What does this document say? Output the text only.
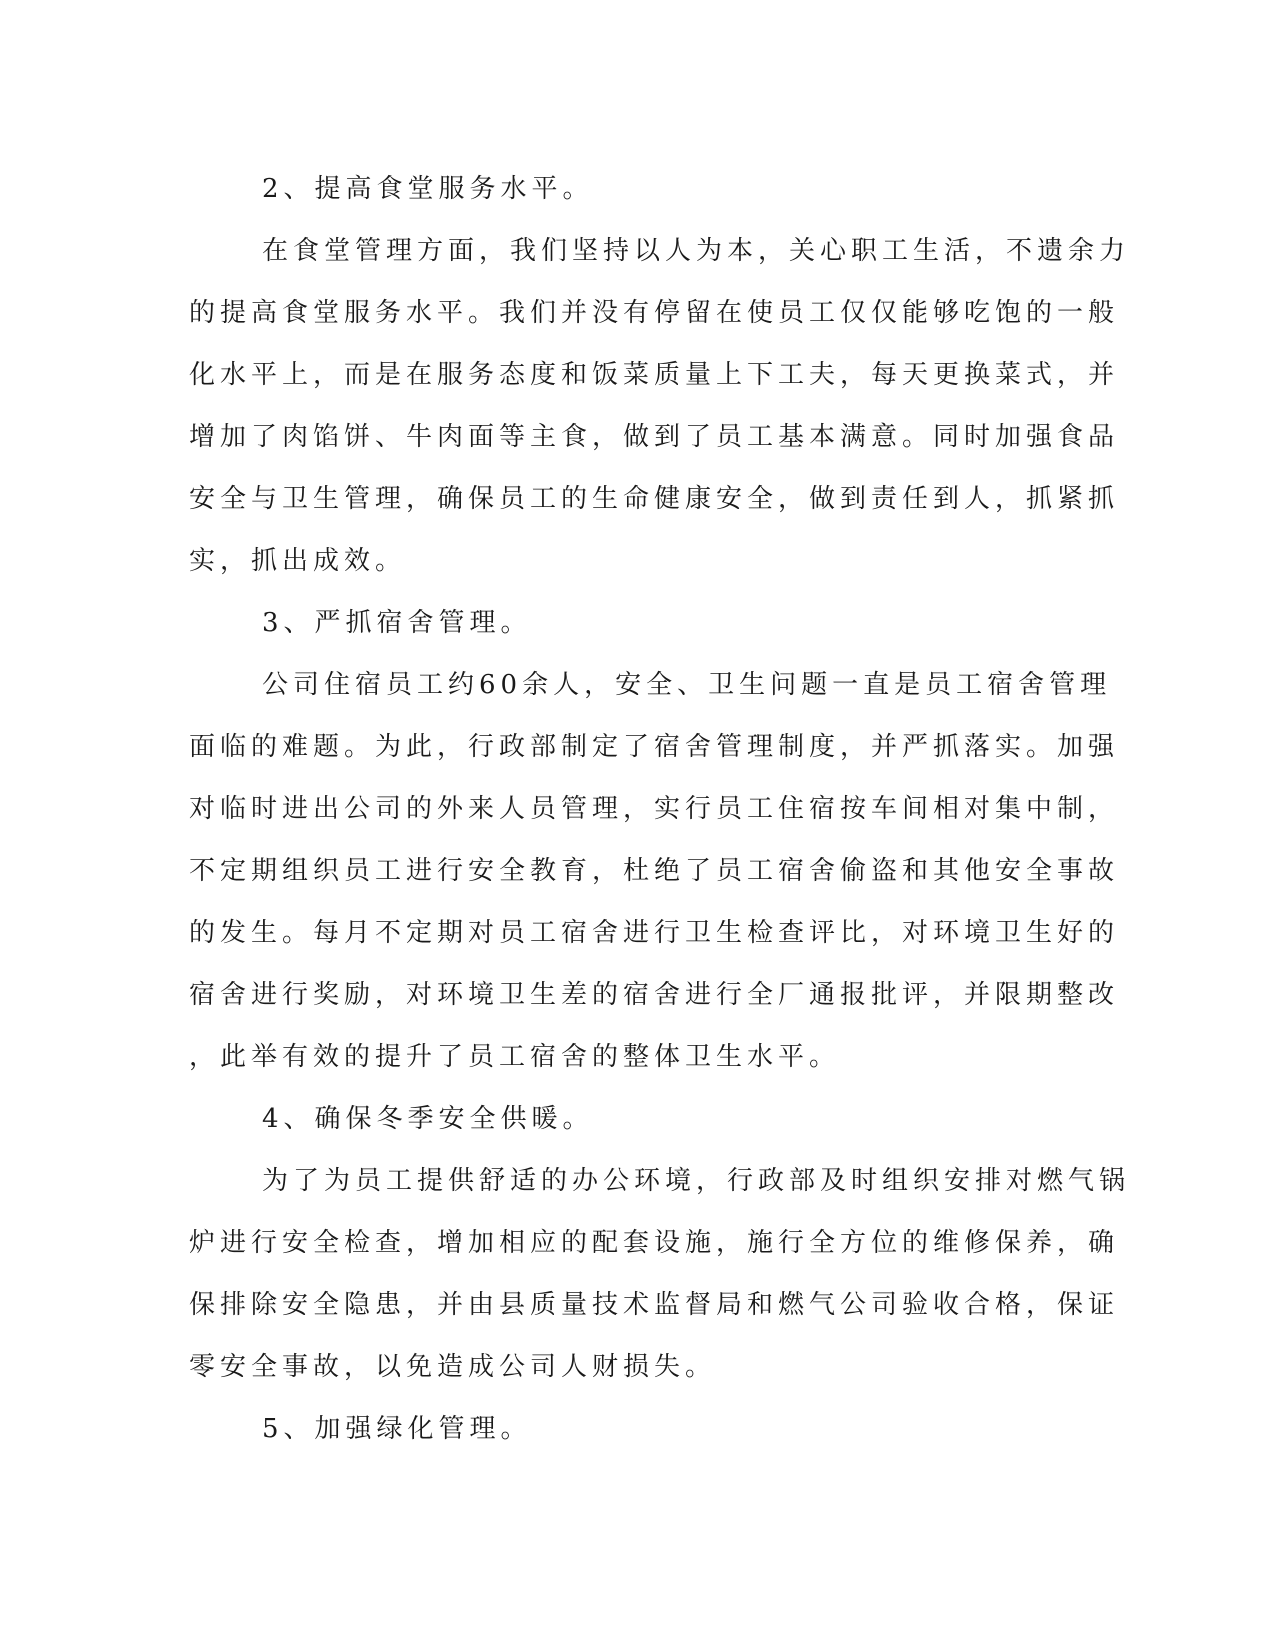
2、提高食堂服务水平。
在食堂管理方面，我们坚持以人为本，关心职工生活，不遗余力
的提高食堂服务水平。我们并没有停留在使员工仅仅能够吃饱的一般
化水平上，而是在服务态度和饭菜质量上下工夫，每天更换菜式，并
增加了肉馅饼、牛肉面等主食，做到了员工基本满意。同时加强食品
安全与卫生管理，确保员工的生命健康安全，做到责任到人，抓紧抓
实，抓出成效。
3、严抓宿舍管理。
公司住宿员工约60余人，安全、卫生问题一直是员工宿舍管理
面临的难题。为此，行政部制定了宿舍管理制度，并严抓落实。加强
对临时进出公司的外来人员管理，实行员工住宿按车间相对集中制，
不定期组织员工进行安全教育，杜绝了员工宿舍偷盗和其他安全事故
的发生。每月不定期对员工宿舍进行卫生检查评比，对环境卫生好的
宿舍进行奖励，对环境卫生差的宿舍进行全厂通报批评，并限期整改
，此举有效的提升了员工宿舍的整体卫生水平。
4、确保冬季安全供暖。
为了为员工提供舒适的办公环境，行政部及时组织安排对燃气锅
炉进行安全检查，增加相应的配套设施，施行全方位的维修保养，确
保排除安全隐患，并由县质量技术监督局和燃气公司验收合格，保证
零安全事故，以免造成公司人财损失。
5、加强绿化管理。
